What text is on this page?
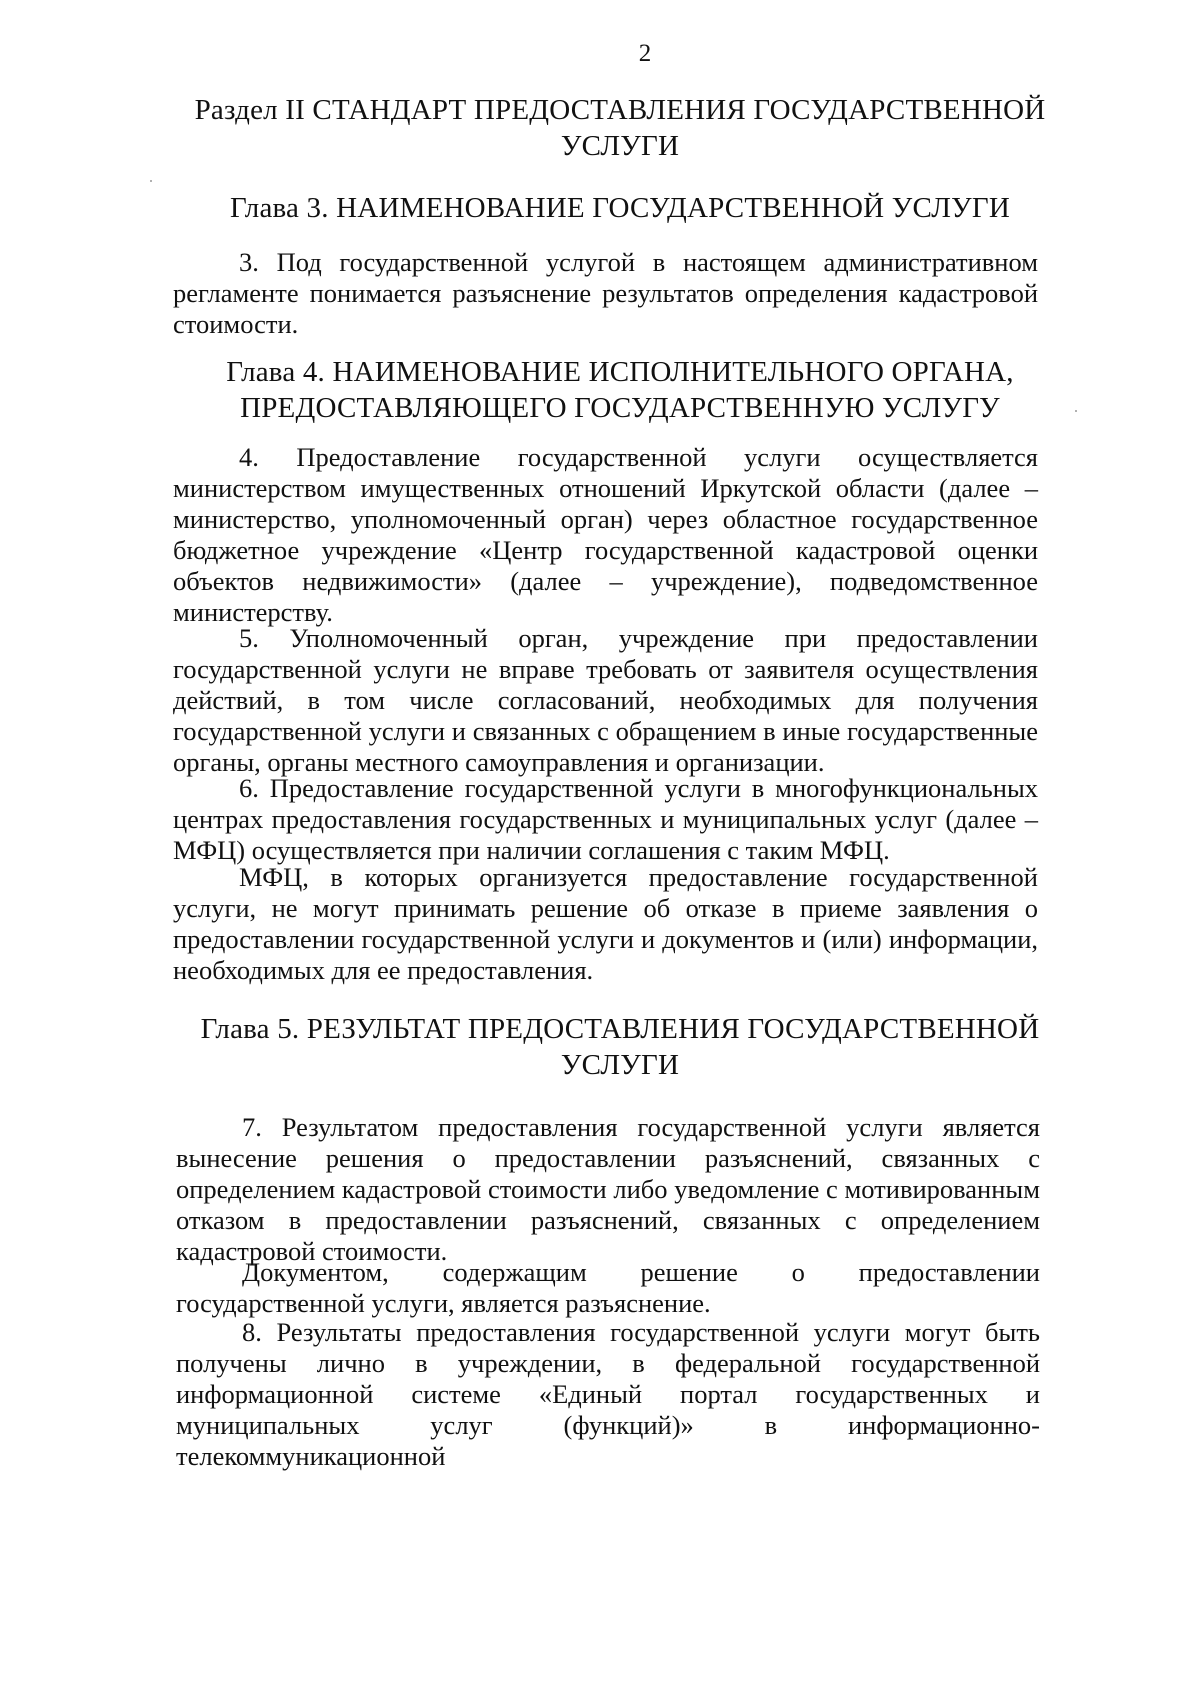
2
Раздел II СТАНДАРТ ПРЕДОСТАВЛЕНИЯ ГОСУДАРСТВЕННОЙ
УСЛУГИ
Глава 3. НАИМЕНОВАНИЕ ГОСУДАРСТВЕННОЙ УСЛУГИ
3. Под государственной услугой в настоящем административном регламенте понимается разъяснение результатов определения кадастровой стоимости.
Глава 4. НАИМЕНОВАНИЕ ИСПОЛНИТЕЛЬНОГО ОРГАНА,
ПРЕДОСТАВЛЯЮЩЕГО ГОСУДАРСТВЕННУЮ УСЛУГУ
4. Предоставление государственной услуги осуществляется министерством имущественных отношений Иркутской области (далее – министерство, уполномоченный орган) через областное государственное бюджетное учреждение «Центр государственной кадастровой оценки объектов недвижимости» (далее – учреждение), подведомственное министерству.
5. Уполномоченный орган, учреждение при предоставлении государственной услуги не вправе требовать от заявителя осуществления действий, в том числе согласований, необходимых для получения государственной услуги и связанных с обращением в иные государственные органы, органы местного самоуправления и организации.
6. Предоставление государственной услуги в многофункциональных центрах предоставления государственных и муниципальных услуг (далее – МФЦ) осуществляется при наличии соглашения с таким МФЦ.
МФЦ, в которых организуется предоставление государственной услуги, не могут принимать решение об отказе в приеме заявления о предоставлении государственной услуги и документов и (или) информации, необходимых для ее предоставления.
Глава 5. РЕЗУЛЬТАТ ПРЕДОСТАВЛЕНИЯ ГОСУДАРСТВЕННОЙ
УСЛУГИ
7. Результатом предоставления государственной услуги является вынесение решения о предоставлении разъяснений, связанных с определением кадастровой стоимости либо уведомление с мотивированным отказом в предоставлении разъяснений, связанных с определением кадастровой стоимости.
Документом, содержащим решение о предоставлении государственной услуги, является разъяснение.
8. Результаты предоставления государственной услуги могут быть получены лично в учреждении, в федеральной государственной информационной системе «Единый портал государственных и муниципальных услуг (функций)» в информационно-телекоммуникационной
